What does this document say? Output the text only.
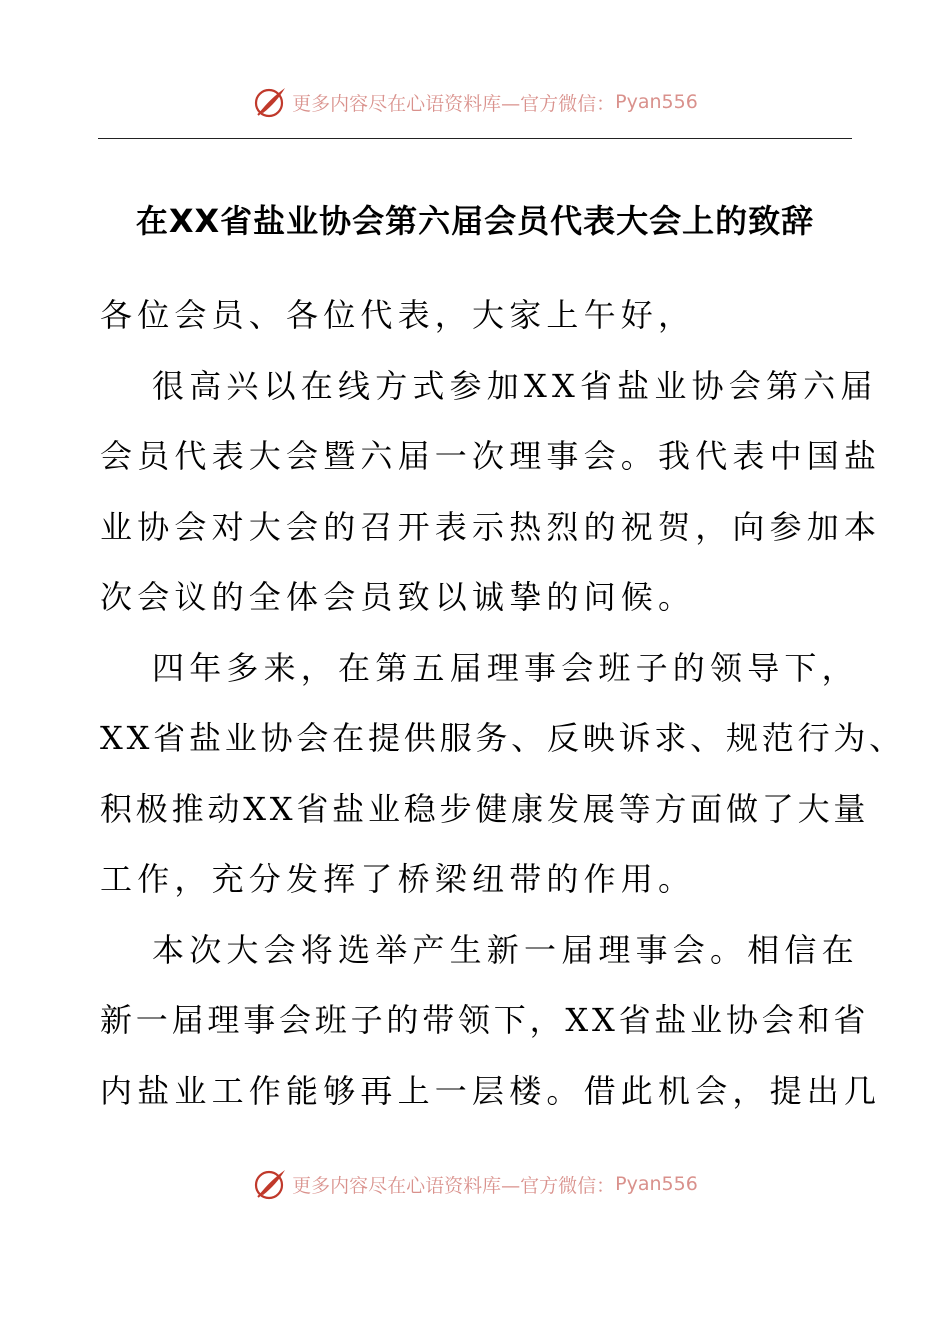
更多内容尽在心语资料库—官方微信： Pyan556
在XX省盐业协会第六届会员代表大会上的致辞
各位会员、各位代表，大家上午好，
很高兴以在线方式参加XX省盐业协会第六届
会员代表大会暨六届一次理事会。我代表中国盐
业协会对大会的召开表示热烈的祝贺，向参加本
次会议的全体会员致以诚挚的问候。
四年多来，在第五届理事会班子的领导下，
XX省盐业协会在提供服务、反映诉求、规范行为、
积极推动XX省盐业稳步健康发展等方面做了大量
工作，充分发挥了桥梁纽带的作用。
本次大会将选举产生新一届理事会。相信在
新一届理事会班子的带领下，XX省盐业协会和省
内盐业工作能够再上一层楼。借此机会，提出几
更多内容尽在心语资料库—官方微信： Pyan556
